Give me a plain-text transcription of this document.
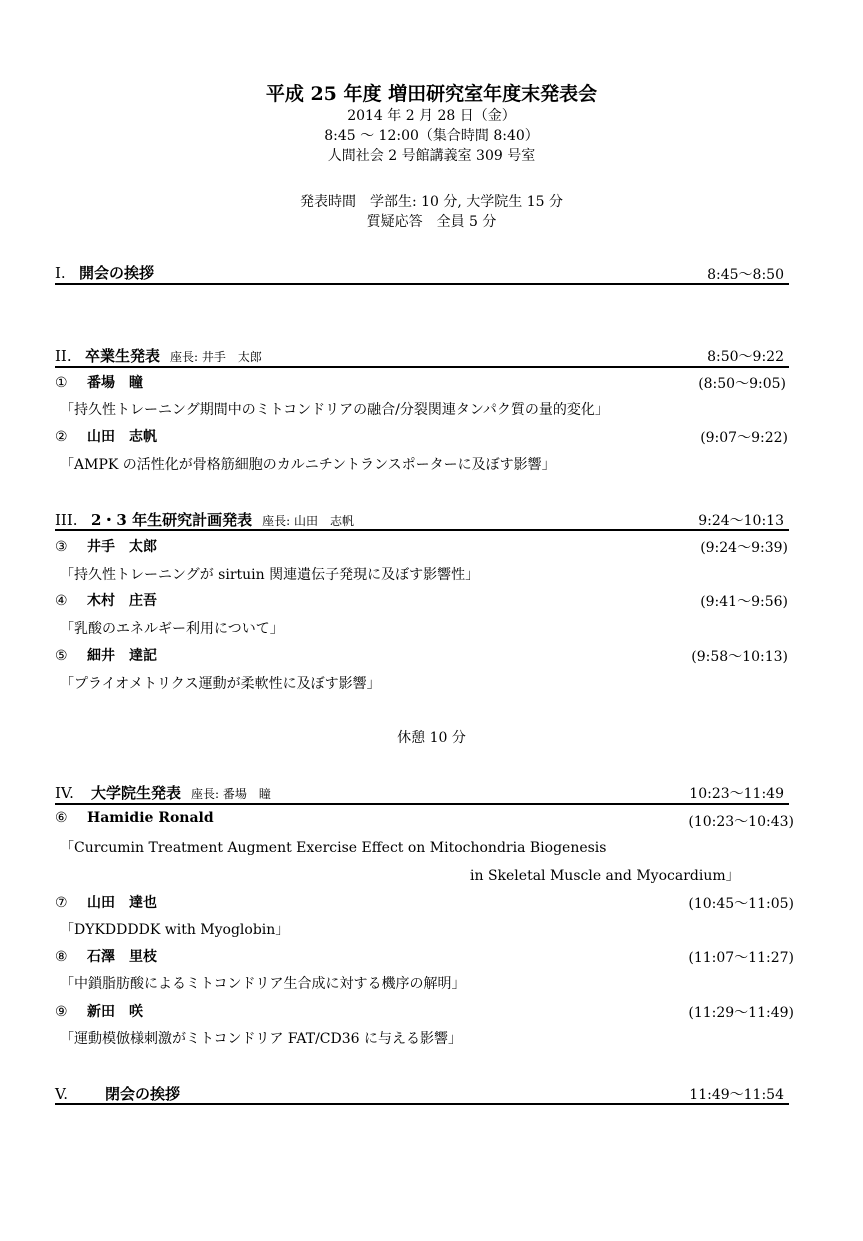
平成 25 年度 増田研究室年度末発表会
2014 年 2 月 28 日（金）
8:45 ～ 12:00（集合時間 8:40）
人間社会 2 号館講義室 309 号室
発表時間　学部生: 10 分, 大学院生 15 分
質疑応答　全員 5 分
I. 開会の挨拶	8:45～8:50
II. 卒業生発表 座長: 井手　太郎	8:50～9:22
① 番場　瞳	(8:50～9:05)
「持久性トレーニング期間中のミトコンドリアの融合/分裂関連タンパク質の量的変化」
② 山田　志帆	(9:07～9:22)
「AMPK の活性化が骨格筋細胞のカルニチントランスポーターに及ぼす影響」
III. 2・3 年生研究計画発表 座長: 山田　志帆	9:24～10:13
③ 井手　太郎	(9:24～9:39)
「持久性トレーニングが sirtuin 関連遺伝子発現に及ぼす影響性」
④ 木村　庄吾	(9:41～9:56)
「乳酸のエネルギー利用について」
⑤ 細井　達記	(9:58～10:13)
「プライオメトリクス運動が柔軟性に及ぼす影響」
休憩 10 分
IV. 大学院生発表 座長: 番場　瞳	10:23～11:49
⑥ Hamidie Ronald	(10:23～10:43)
「Curcumin Treatment Augment Exercise Effect on Mitochondria Biogenesis
in Skeletal Muscle and Myocardium」
⑦ 山田　達也	(10:45～11:05)
「DYKDDDDK with Myoglobin」
⑧ 石澤　里枝	(11:07～11:27)
「中鎖脂肪酸によるミトコンドリア生合成に対する機序の解明」
⑨ 新田　咲	(11:29～11:49)
「運動模倣様刺激がミトコンドリア FAT/CD36 に与える影響」
V. 閉会の挨拶	11:49～11:54
